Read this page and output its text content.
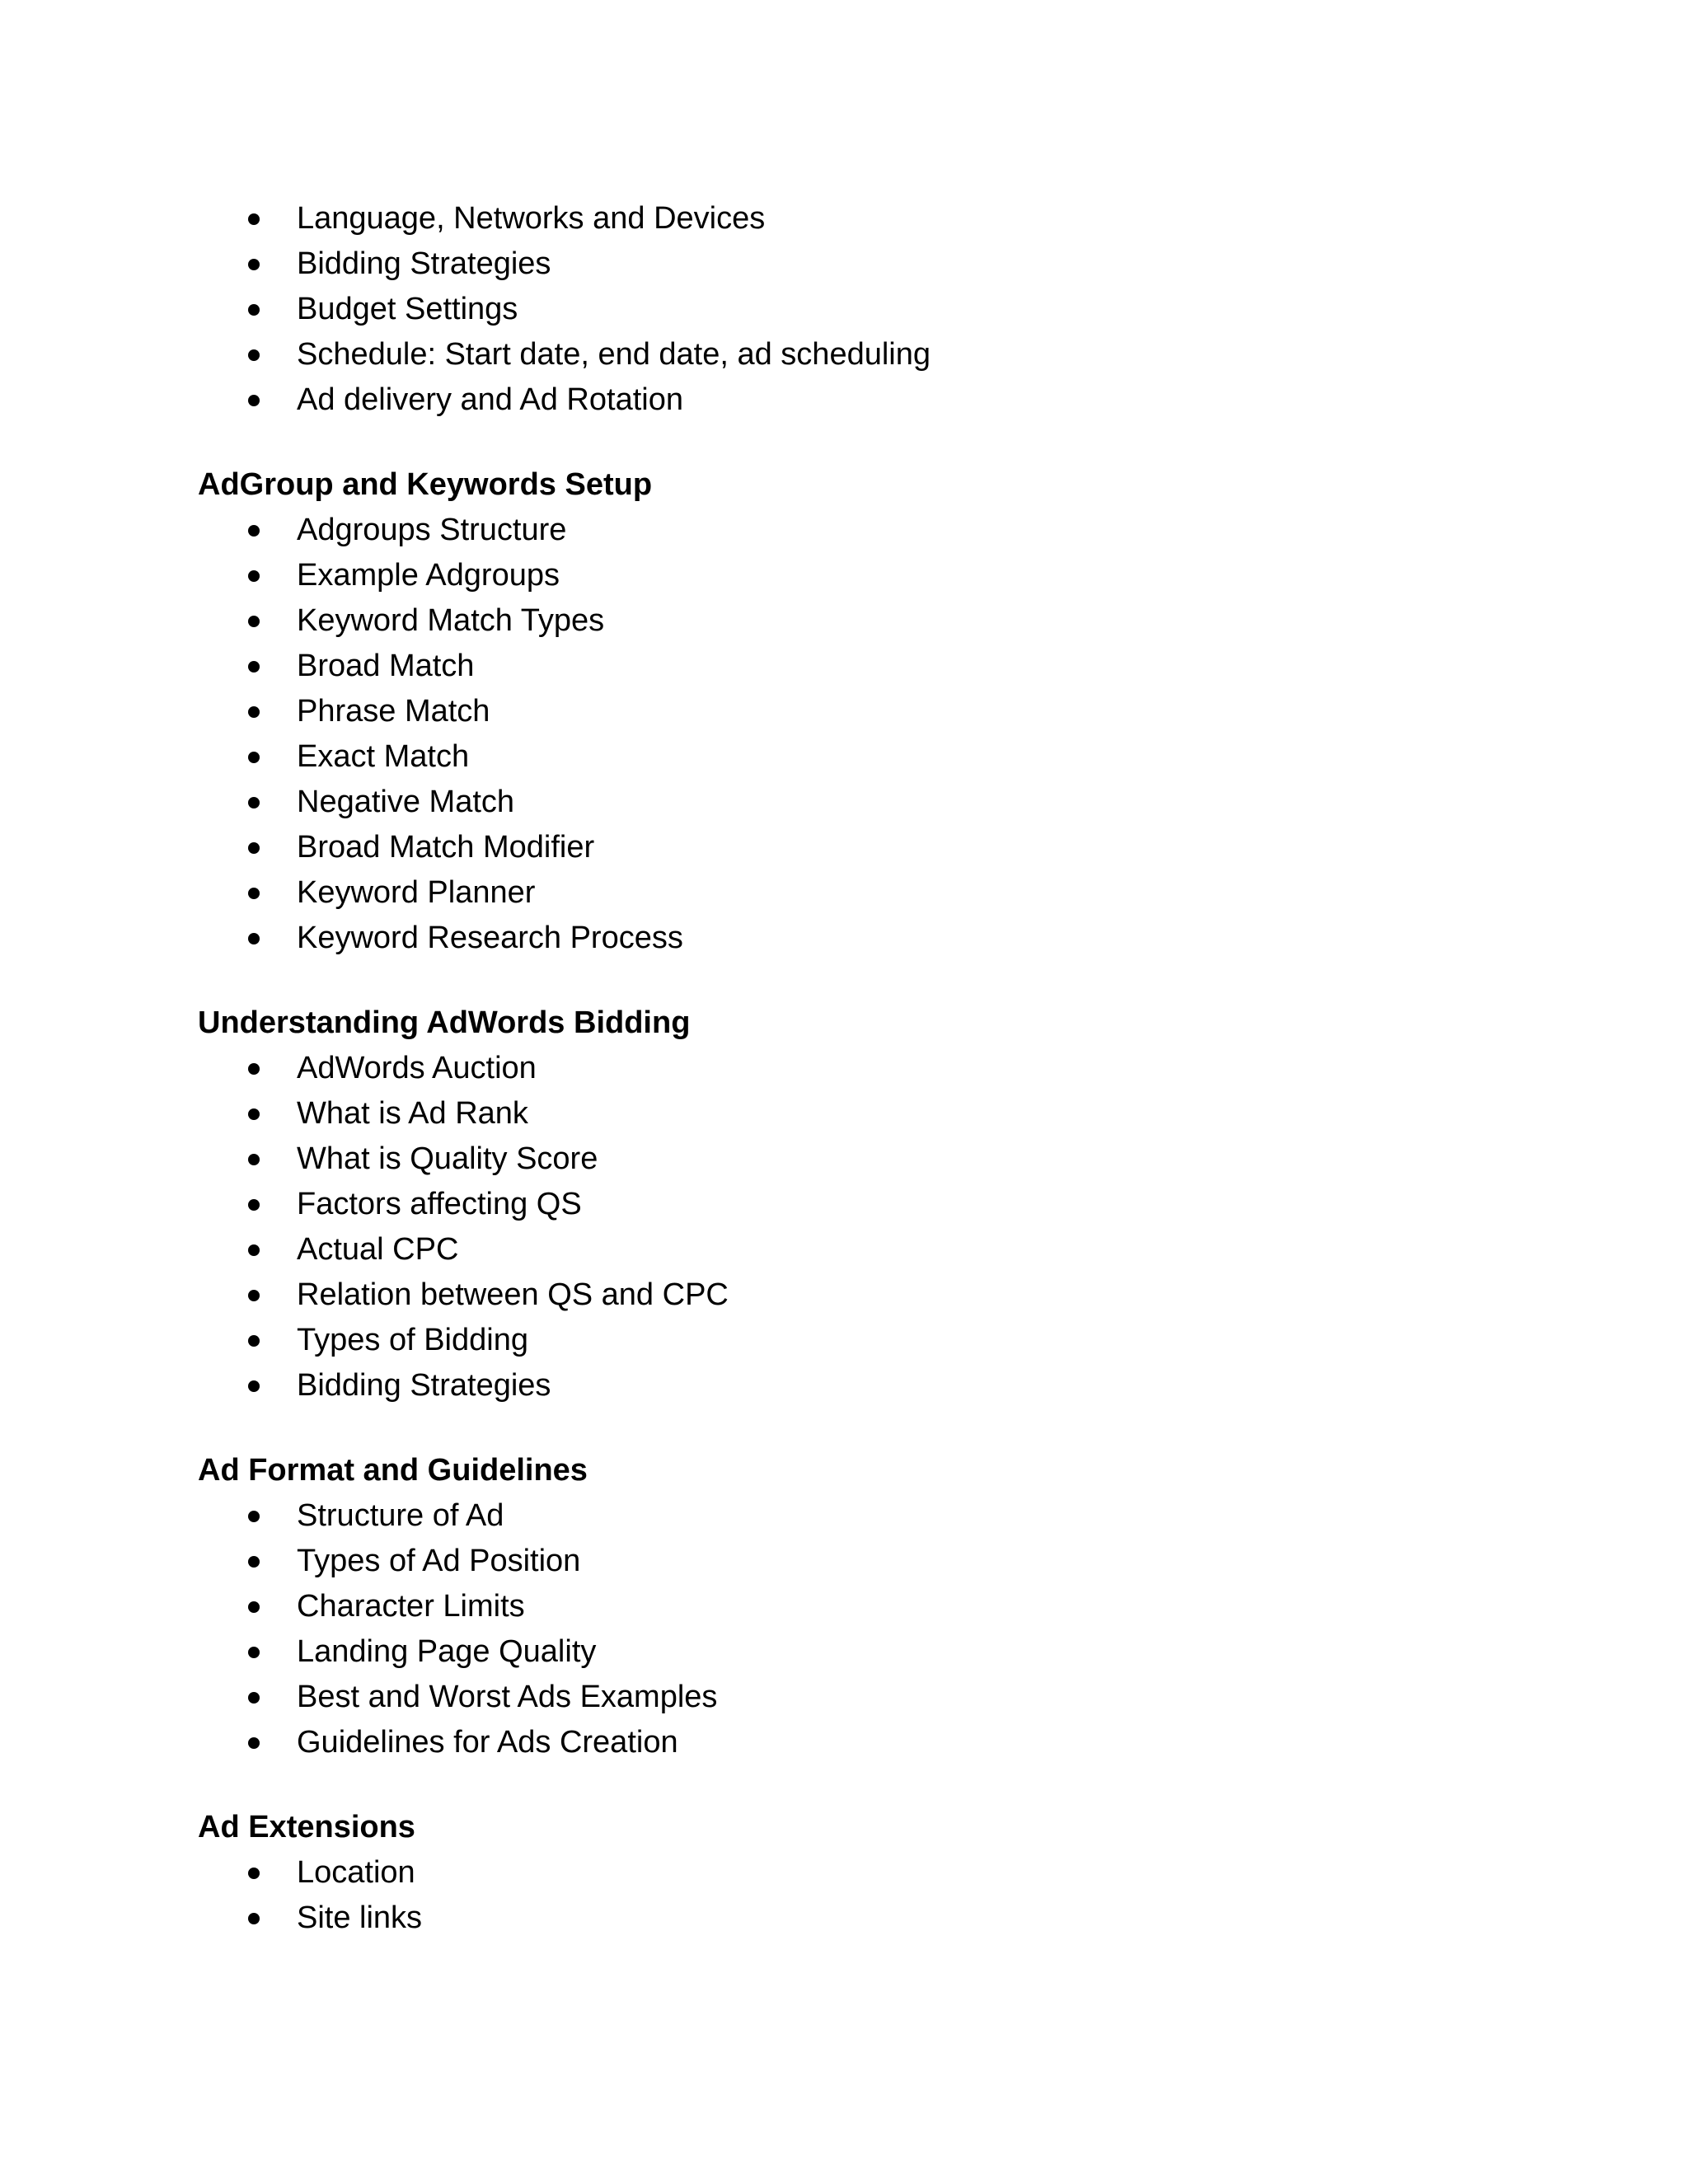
Language, Networks and Devices
Bidding Strategies
Budget Settings
Schedule: Start date, end date, ad scheduling
Ad delivery and Ad Rotation
AdGroup and Keywords Setup
Adgroups Structure
Example Adgroups
Keyword Match Types
Broad Match
Phrase Match
Exact Match
Negative Match
Broad Match Modifier
Keyword Planner
Keyword Research Process
Understanding AdWords Bidding
AdWords Auction
What is Ad Rank
What is Quality Score
Factors affecting QS
Actual CPC
Relation between QS and CPC
Types of Bidding
Bidding Strategies
Ad Format and Guidelines
Structure of Ad
Types of Ad Position
Character Limits
Landing Page Quality
Best and Worst Ads Examples
Guidelines for Ads Creation
Ad Extensions
Location
Site links
